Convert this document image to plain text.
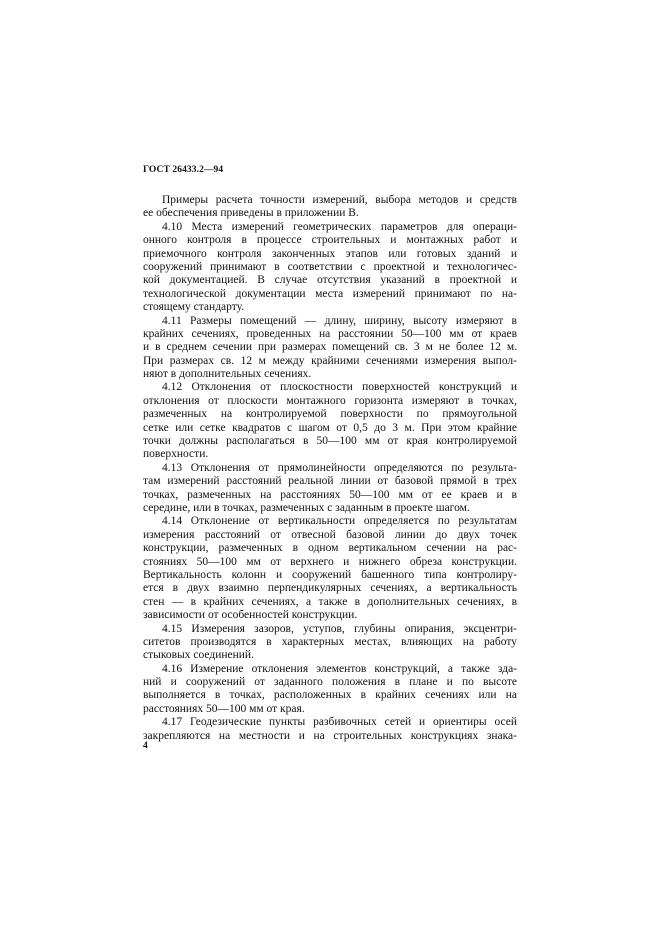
ГОСТ 26433.2—94
Примеры расчета точности измерений, выбора методов и средств
ее обеспечения приведены в приложении В.
4.10 Места измерений геометрических параметров для операци-
онного контроля в процессе строительных и монтажных работ и
приемочного контроля законченных этапов или готовых зданий и
сооружений принимают в соответствии с проектной и технологичес-
кой документацией. В случае отсутствия указаний в проектной и
технологической документации места измерений принимают по на-
стоящему стандарту.
4.11 Размеры помещений — длину, ширину, высоту измеряют в
крайних сечениях, проведенных на расстоянии 50—100 мм от краев
и в среднем сечении при размерах помещений св. 3 м не более 12 м.
При размерах св. 12 м между крайними сечениями измерения выпол-
няют в дополнительных сечениях.
4.12 Отклонения от плоскостности поверхностей конструкций и
отклонения от плоскости монтажного горизонта измеряют в точках,
размеченных на контролируемой поверхности по прямоугольной
сетке или сетке квадратов с шагом от 0,5 до 3 м. При этом крайние
точки должны располагаться в 50—100 мм от края контролируемой
поверхности.
4.13 Отклонения от прямолинейности определяются по результа-
там измерений расстояний реальной линии от базовой прямой в трех
точках, размеченных на расстояниях 50—100 мм от ее краев и в
середине, или в точках, размеченных с заданным в проекте шагом.
4.14 Отклонение от вертикальности определяется по результатам
измерения расстояний от отвесной базовой линии до двух точек
конструкции, размеченных в одном вертикальном сечении на рас-
стояниях 50—100 мм от верхнего и нижнего обреза конструкции.
Вертикальность колонн и сооружений башенного типа контролиру-
ется в двух взаимно перпендикулярных сечениях, а вертикальность
стен — в крайних сечениях, а также в дополнительных сечениях, в
зависимости от особенностей конструкции.
4.15 Измерения зазоров, уступов, глубины опирания, эксцентри-
ситетов производятся в характерных местах, влияющих на работу
стыковых соединений.
4.16 Измерение отклонения элементов конструкций, а также зда-
ний и сооружений от заданного положения в плане и по высоте
выполняется в точках, расположенных в крайних сечениях или на
расстояниях 50—100 мм от края.
4.17 Геодезические пункты разбивочных сетей и ориентиры осей
закрепляются на местности и на строительных конструкциях знака-
4
